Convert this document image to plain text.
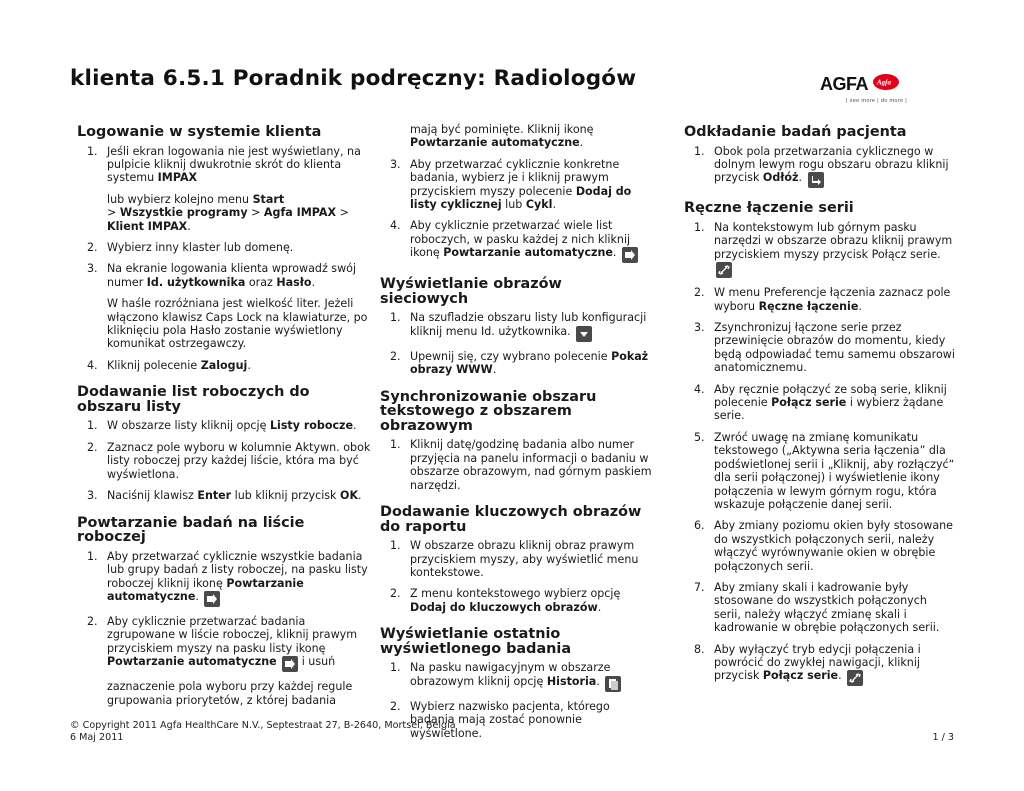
klienta 6.5.1 Poradnik podręczny: Radiologów	AGFA Agfa
| see more | do more |
Logowanie w systemie klienta
1. Jeśli ekran logowania nie jest wyświetlany, na pulpicie kliknij dwukrotnie skrót do klienta systemu IMPAX

lub wybierz kolejno menu Start
> Wszystkie programy > Agfa IMPAX >
Klient IMPAX.

2. Wybierz inny klaster lub domenę.

3. Na ekranie logowania klienta wprowadź swój numer Id. użytkownika oraz Hasło.

W haśle rozróżniana jest wielkość liter. Jeżeli włączono klawisz Caps Lock na klawiaturze, po kliknięciu pola Hasło zostanie wyświetlony komunikat ostrzegawczy.

4. Kliknij polecenie Zaloguj.

Dodawanie list roboczych do obszaru listy
1. W obszarze listy kliknij opcję Listy robocze.

2. Zaznacz pole wyboru w kolumnie Aktywn. obok listy roboczej przy każdej liście, która ma być wyświetlona.

3. Naciśnij klawisz Enter lub kliknij przycisk OK.

Powtarzanie badań na liście roboczej
1. Aby przetwarzać cyklicznie wszystkie badania lub grupy badań z listy roboczej, na pasku listy roboczej kliknij ikonę Powtarzanie automatyczne.

2. Aby cyklicznie przetwarzać badania zgrupowane w liście roboczej, kliknij prawym przyciskiem myszy na pasku listy ikonę Powtarzanie automatyczne
i usuń

zaznaczenie pola wyboru przy każdej regule grupowania priorytetów, z której badania

mają być pominięte. Kliknij ikonę Powtarzanie automatyczne.

3. Aby przetwarzać cyklicznie konkretne badania, wybierz je i kliknij prawym przyciskiem myszy polecenie Dodaj do listy cyklicznej lub Cykl.

4. Aby cyklicznie przetwarzać wiele list roboczych, w pasku każdej z nich kliknij ikonę Powtarzanie automatyczne.

Wyświetlanie obrazów sieciowych
1. Na szufladzie obszaru listy lub konfiguracji kliknij menu Id. użytkownika.

2. Upewnij się, czy wybrano polecenie Pokaż obrazy WWW.

Synchronizowanie obszaru tekstowego z obszarem obrazowym
1. Kliknij datę/godzinę badania albo numer przyjęcia na panelu informacji o badaniu w obszarze obrazowym, nad górnym paskiem narzędzi.

Dodawanie kluczowych obrazów do raportu
1. W obszarze obrazu kliknij obraz prawym przyciskiem myszy, aby wyświetlić menu kontekstowe.

2. Z menu kontekstowego wybierz opcję Dodaj do kluczowych obrazów.

Wyświetlanie ostatnio wyświetlonego badania
1. Na pasku nawigacyjnym w obszarze obrazowym kliknij opcję Historia.

2. Wybierz nazwisko pacjenta, którego badania mają zostać ponownie wyświetlone.

Odkładanie badań pacjenta
1. Obok pola przetwarzania cyklicznego w dolnym lewym rogu obszaru obrazu kliknij przycisk Odłóż.

Ręczne łączenie serii
1. Na kontekstowym lub górnym pasku narzędzi w obszarze obrazu kliknij prawym przyciskiem myszy przycisk Połącz serie.

2. W menu Preferencje łączenia zaznacz pole wyboru Ręczne łączenie.

3. Zsynchronizuj łączone serie przez przewinięcie obrazów do momentu, kiedy będą odpowiadać temu samemu obszarowi anatomicznemu.

4. Aby ręcznie połączyć ze sobą serie, kliknij polecenie Połącz serie i wybierz żądane serie.

5. Zwróć uwagę na zmianę komunikatu tekstowego („Aktywna seria łączenia” dla podświetlonej serii i „Kliknij, aby rozłączyć“ dla serii połączonej) i wyświetlenie ikony połączenia w lewym górnym rogu, która wskazuje połączenie danej serii.

6. Aby zmiany poziomu okien były stosowane do wszystkich połączonych serii, należy włączyć wyrównywanie okien w obrębie połączonych serii.

7. Aby zmiany skali i kadrowanie były stosowane do wszystkich połączonych serii, należy włączyć zmianę skali i kadrowanie w obrębie połączonych serii.

8. Aby wyłączyć tryb edycji połączenia i powrócić do zwykłej nawigacji, kliknij przycisk Połącz serie.

© Copyright 2011 Agfa HealthCare N.V., Septestraat 27, B-2640, Mortsel, Belgia
6 Maj 2011	1 / 3
